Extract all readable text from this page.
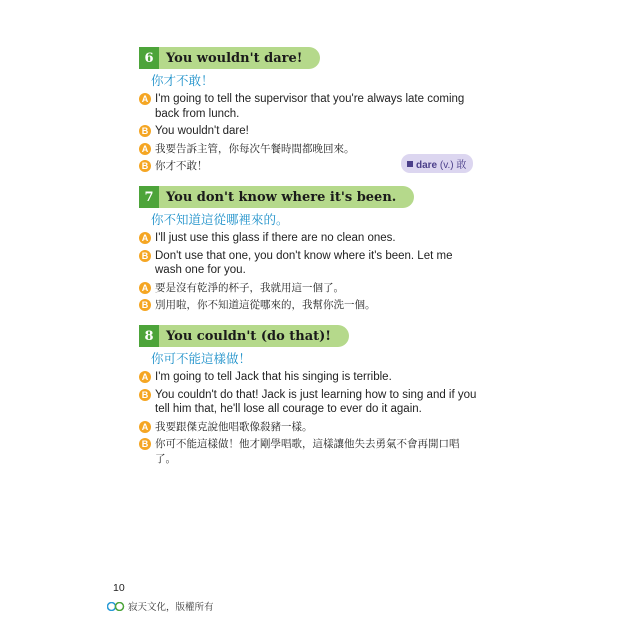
6 You wouldn't dare!
你才不敢！
A I'm going to tell the supervisor that you're always late coming back from lunch.
B You wouldn't dare!
A 我要告訴主管，你每次午餐時間都晚回來。
B 你才不敢！	dare (v.) 敢
7 You don't know where it's been.
你不知道這從哪裡來的。
A I'll just use this glass if there are no clean ones.
B Don't use that one, you don't know where it's been. Let me wash one for you.
A 要是沒有乾淨的杯子，我就用這一個了。
B 別用啦，你不知道這從哪來的，我幫你洗一個。
8 You couldn't (do that)!
你可不能這樣做！
A I'm going to tell Jack that his singing is terrible.
B You couldn't do that! Jack is just learning how to sing and if you tell him that, he'll lose all courage to ever do it again.
A 我要跟傑克說他唱歌像殺豬一樣。
B 你可不能這樣做！他才剛學唱歌，這樣讓他失去勇氣不會再開口唱了。
10
寂天文化，版權所有
